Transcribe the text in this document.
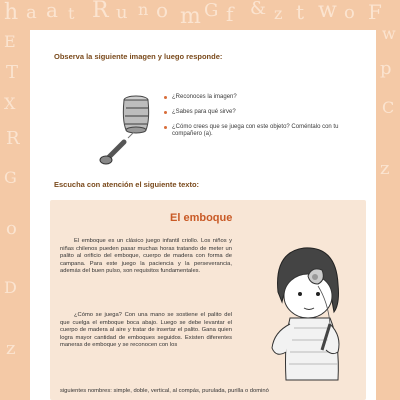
h a a t R u n o m G f & z t w o F
w
p
C
z
E
T
X
R
G
o
D
z
Observa la siguiente imagen y luego responde:
¿Reconoces la imagen?
¿Sabes para qué sirve?
¿Cómo crees que se juega con este objeto? Coméntalo con tu compañero (a).
Escucha con atención el siguiente texto:
El emboque

El emboque es un clásico juego infantil criollo. Los niños y niñas chilenos pueden pasar muchas horas tratando de meter un palito al orificio del emboque, cuerpo de madera con forma de campana. Para este juego la paciencia y la perseverancia, además del buen pulso, son requisitos fundamentales.

¿Cómo se juega? Con una mano se sostiene el palito del que cuelga el emboque boca abajo. Luego se debe levantar el cuerpo de madera al aire y tratar de insertar el palito. Gana quien logra mayor cantidad de emboques seguidos. Existen diferentes maneras de emboque y se reconocen con los

siguientes nombres: simple, doble, vertical, al compás, purulada, purilla o dominó
